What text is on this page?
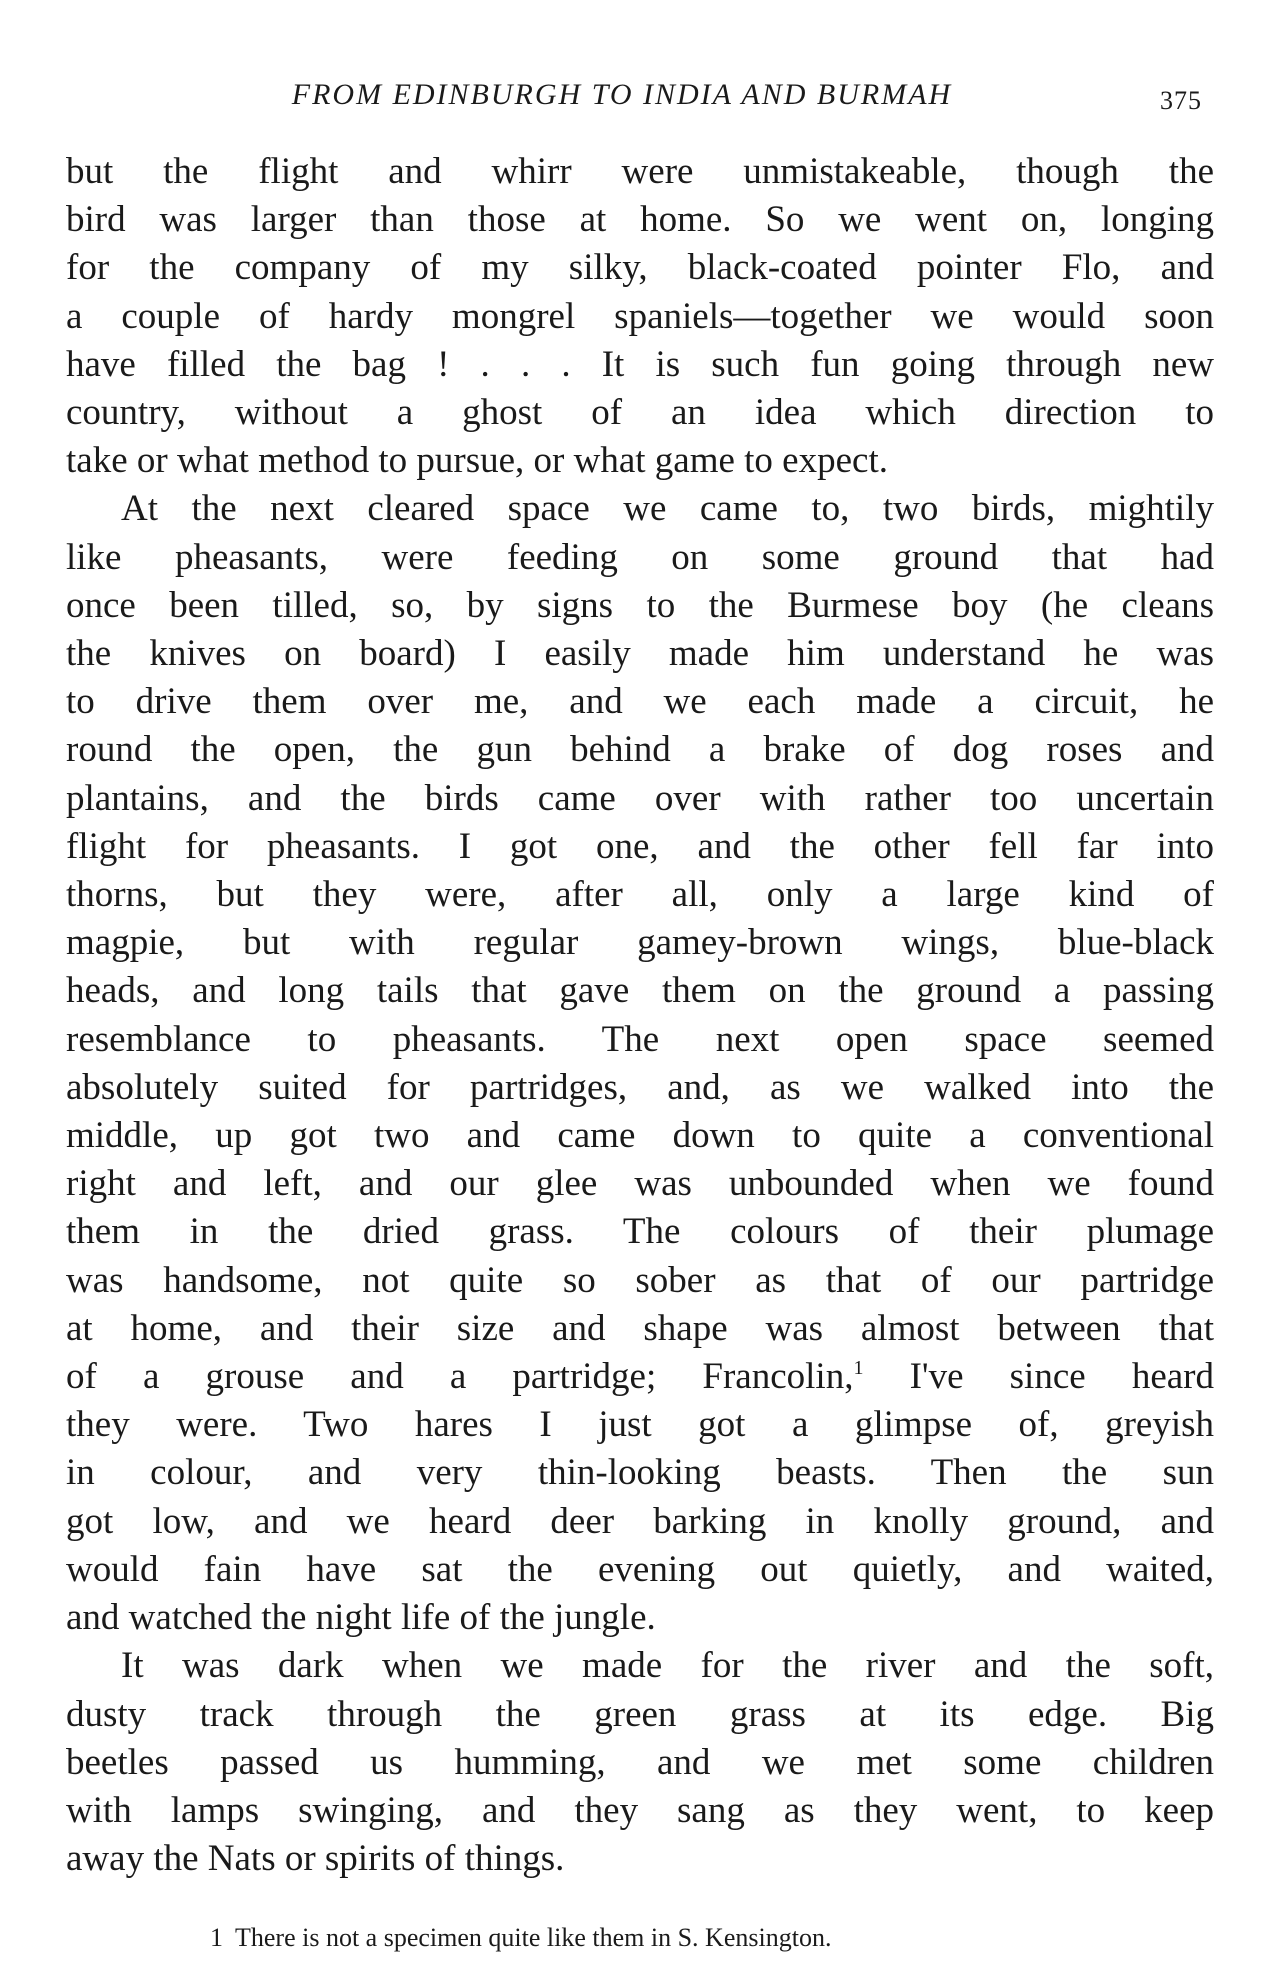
FROM EDINBURGH TO INDIA AND BURMAH	375
but the flight and whirr were unmistakeable, though the
bird was larger than those at home. So we went on, longing
for the company of my silky, black-coated pointer Flo, and
a couple of hardy mongrel spaniels—together we would soon
have filled the bag ! . . . It is such fun going through new
country, without a ghost of an idea which direction to
take or what method to pursue, or what game to expect.
At the next cleared space we came to, two birds, mightily
like pheasants, were feeding on some ground that had
once been tilled, so, by signs to the Burmese boy (he cleans
the knives on board) I easily made him understand he was
to drive them over me, and we each made a circuit, he
round the open, the gun behind a brake of dog roses and
plantains, and the birds came over with rather too uncertain
flight for pheasants. I got one, and the other fell far into
thorns, but they were, after all, only a large kind of
magpie, but with regular gamey-brown wings, blue-black
heads, and long tails that gave them on the ground a passing
resemblance to pheasants. The next open space seemed
absolutely suited for partridges, and, as we walked into the
middle, up got two and came down to quite a conventional
right and left, and our glee was unbounded when we found
them in the dried grass. The colours of their plumage
was handsome, not quite so sober as that of our partridge
at home, and their size and shape was almost between that
of a grouse and a partridge; Francolin,$^1$ I've since heard
they were. Two hares I just got a glimpse of, greyish
in colour, and very thin-looking beasts. Then the sun
got low, and we heard deer barking in knolly ground, and
would fain have sat the evening out quietly, and waited,
and watched the night life of the jungle.
It was dark when we made for the river and the soft,
dusty track through the green grass at its edge. Big
beetles passed us humming, and we met some children
with lamps swinging, and they sang as they went, to keep
away the Nats or spirits of things.
1 There is not a specimen quite like them in S. Kensington.
